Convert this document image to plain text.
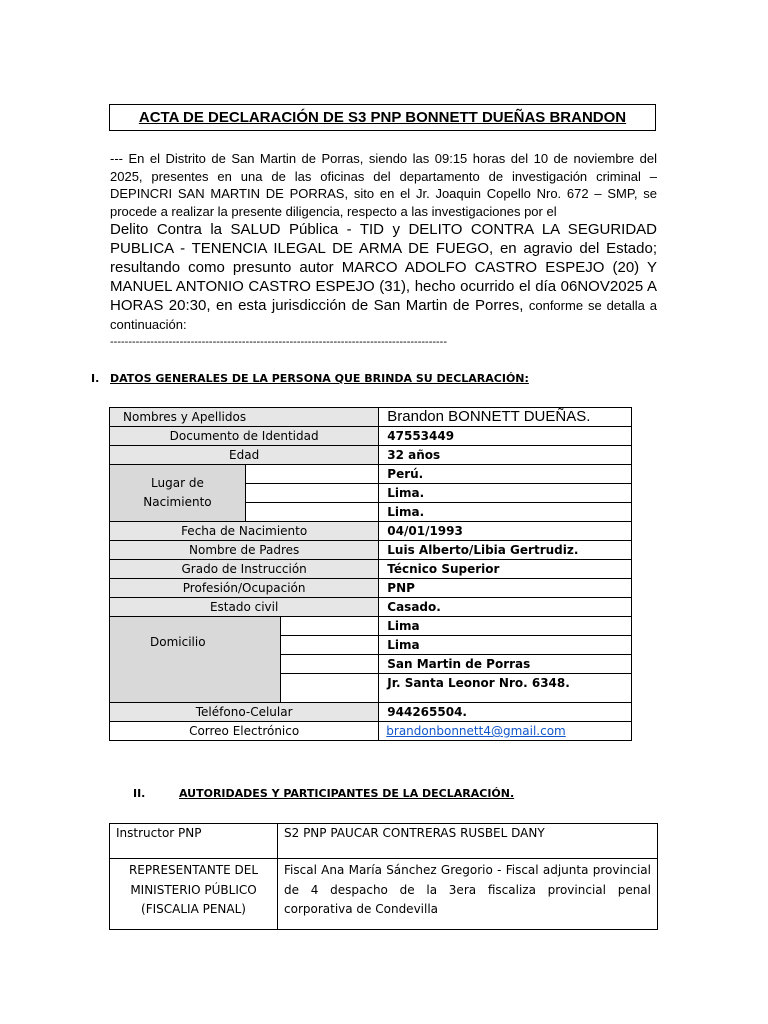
ACTA DE DECLARACIÓN DE S3 PNP BONNETT DUEÑAS BRANDON
--- En el Distrito de San Martin de Porras, siendo las 09:15 horas del 10 de noviembre del 2025, presentes en una de las oficinas del departamento de investigación criminal – DEPINCRI SAN MARTIN DE PORRAS, sito en el Jr. Joaquin Copello Nro. 672 – SMP, se procede a realizar la presente diligencia, respecto a las investigaciones por el
Delito Contra la SALUD Pública - TID y DELITO CONTRA LA SEGURIDAD PUBLICA - TENENCIA ILEGAL DE ARMA DE FUEGO, en agravio del Estado; resultando como presunto autor MARCO ADOLFO CASTRO ESPEJO (20) Y MANUEL ANTONIO CASTRO ESPEJO (31), hecho ocurrido el día 06NOV2025 A HORAS 20:30, en esta jurisdicción de San Martin de Porres, conforme se detalla a continuación:
--------------------------------------------------------------------------------------------
I. DATOS GENERALES DE LA PERSONA QUE BRINDA SU DECLARACIÓN:
Nombres y Apellidos			Brandon BONNETT DUEÑAS.
Documento de Identidad			47553449
Edad			32 años
Lugar de Nacimiento			Perú.
			Lima.
			Lima.
Fecha de Nacimiento			04/01/1993
Nombre de Padres			Luis Alberto/Libia Gertrudiz.
Grado de Instrucción			Técnico Superior
Profesión/Ocupación			PNP
Estado civil			Casado.
Domicilio			Lima
			Lima
			San Martin de Porras
			Jr. Santa Leonor Nro. 6348.
Teléfono-Celular			944265504.
Correo Electrónico			brandonbonnett4@gmail.com
II.	AUTORIDADES Y PARTICIPANTES DE LA DECLARACIÓN.
Instructor PNP	S2 PNP PAUCAR CONTRERAS RUSBEL DANY
REPRESENTANTE DEL MINISTERIO PÚBLICO (FISCALIA PENAL)	Fiscal Ana María Sánchez Gregorio - Fiscal adjunta provincial de 4 despacho de la 3era fiscaliza provincial penal corporativa de Condevilla
